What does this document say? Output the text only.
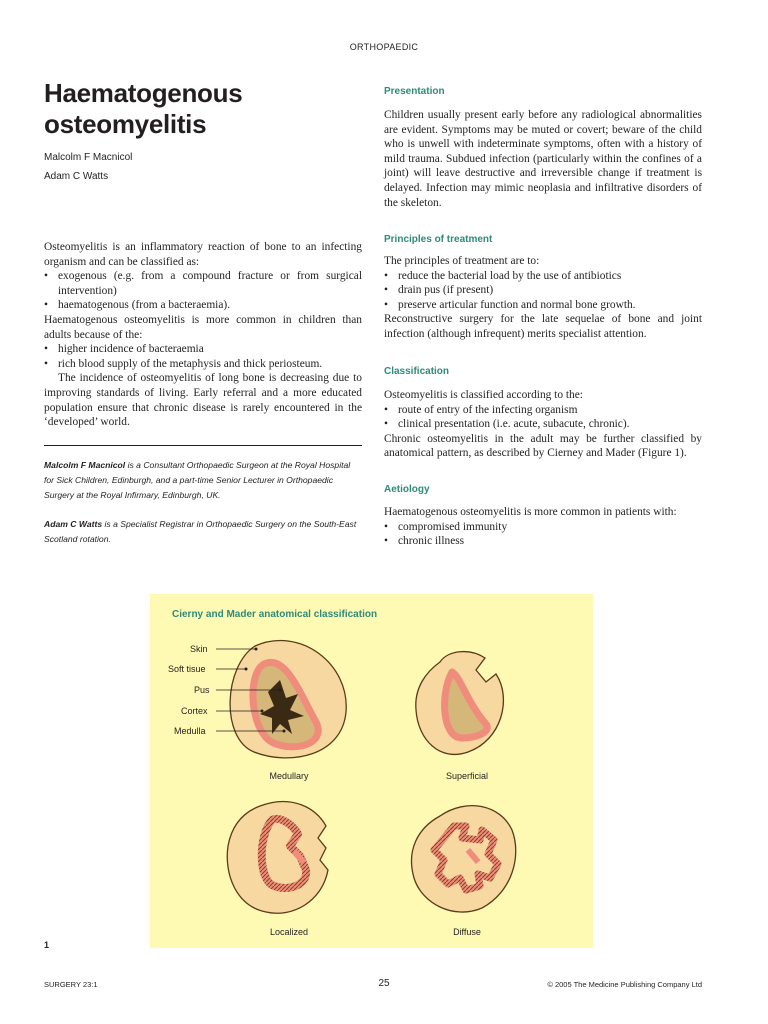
ORTHOPAEDIC
Haematogenous osteomyelitis
Malcolm F Macnicol
Adam C Watts

Osteomyelitis is an inflammatory reaction of bone to an infecting organism and can be classified as:

• exogenous (e.g. from a compound fracture or from surgical intervention)
• haematogenous (from a bacteraemia).

Haematogenous osteomyelitis is more common in children than adults because of the:

• higher incidence of bacteraemia
• rich blood supply of the metaphysis and thick periosteum.

The incidence of osteomyelitis of long bone is decreasing due to improving standards of living. Early referral and a more educated population ensure that chronic disease is rarely encountered in the ‘developed’ world.

Malcolm F Macnicol is a Consultant Orthopaedic Surgeon at the Royal Hospital for Sick Children, Edinburgh, and a part-time Senior Lecturer in Orthopaedic Surgery at the Royal Infirmary, Edinburgh, UK.
Adam C Watts is a Specialist Registrar in Orthopaedic Surgery on the South-East Scotland rotation.
Presentation

Children usually present early before any radiological abnormalities are evident. Symptoms may be muted or covert; beware of the child who is unwell with indeterminate symptoms, often with a history of mild trauma. Subdued infection (particularly within the confines of a joint) will leave destructive and irreversible change if treatment is delayed. Infection may mimic neoplasia and infiltrative disorders of the skeleton.

Principles of treatment

The principles of treatment are to:

• reduce the bacterial load by the use of antibiotics
• drain pus (if present)
• preserve articular function and normal bone growth.

Reconstructive surgery for the late sequelae of bone and joint infection (although infrequent) merits specialist attention.

Classification

Osteomyelitis is classified according to the:

• route of entry of the infecting organism
• clinical presentation (i.e. acute, subacute, chronic).

Chronic osteomyelitis in the adult may be further classified by anatomical pattern, as described by Cierney and Mader (Figure 1).

Aetiology

Haematogenous osteomyelitis is more common in patients with:

• compromised immunity
• chronic illness
Cierny and Mader anatomical classification
Skin
Soft tisue
Pus
Cortex
Medulla
Medullary	Superficial
Localized	Diffuse
1
SURGERY 23:1	25	© 2005 The Medicine Publishing Company Ltd
